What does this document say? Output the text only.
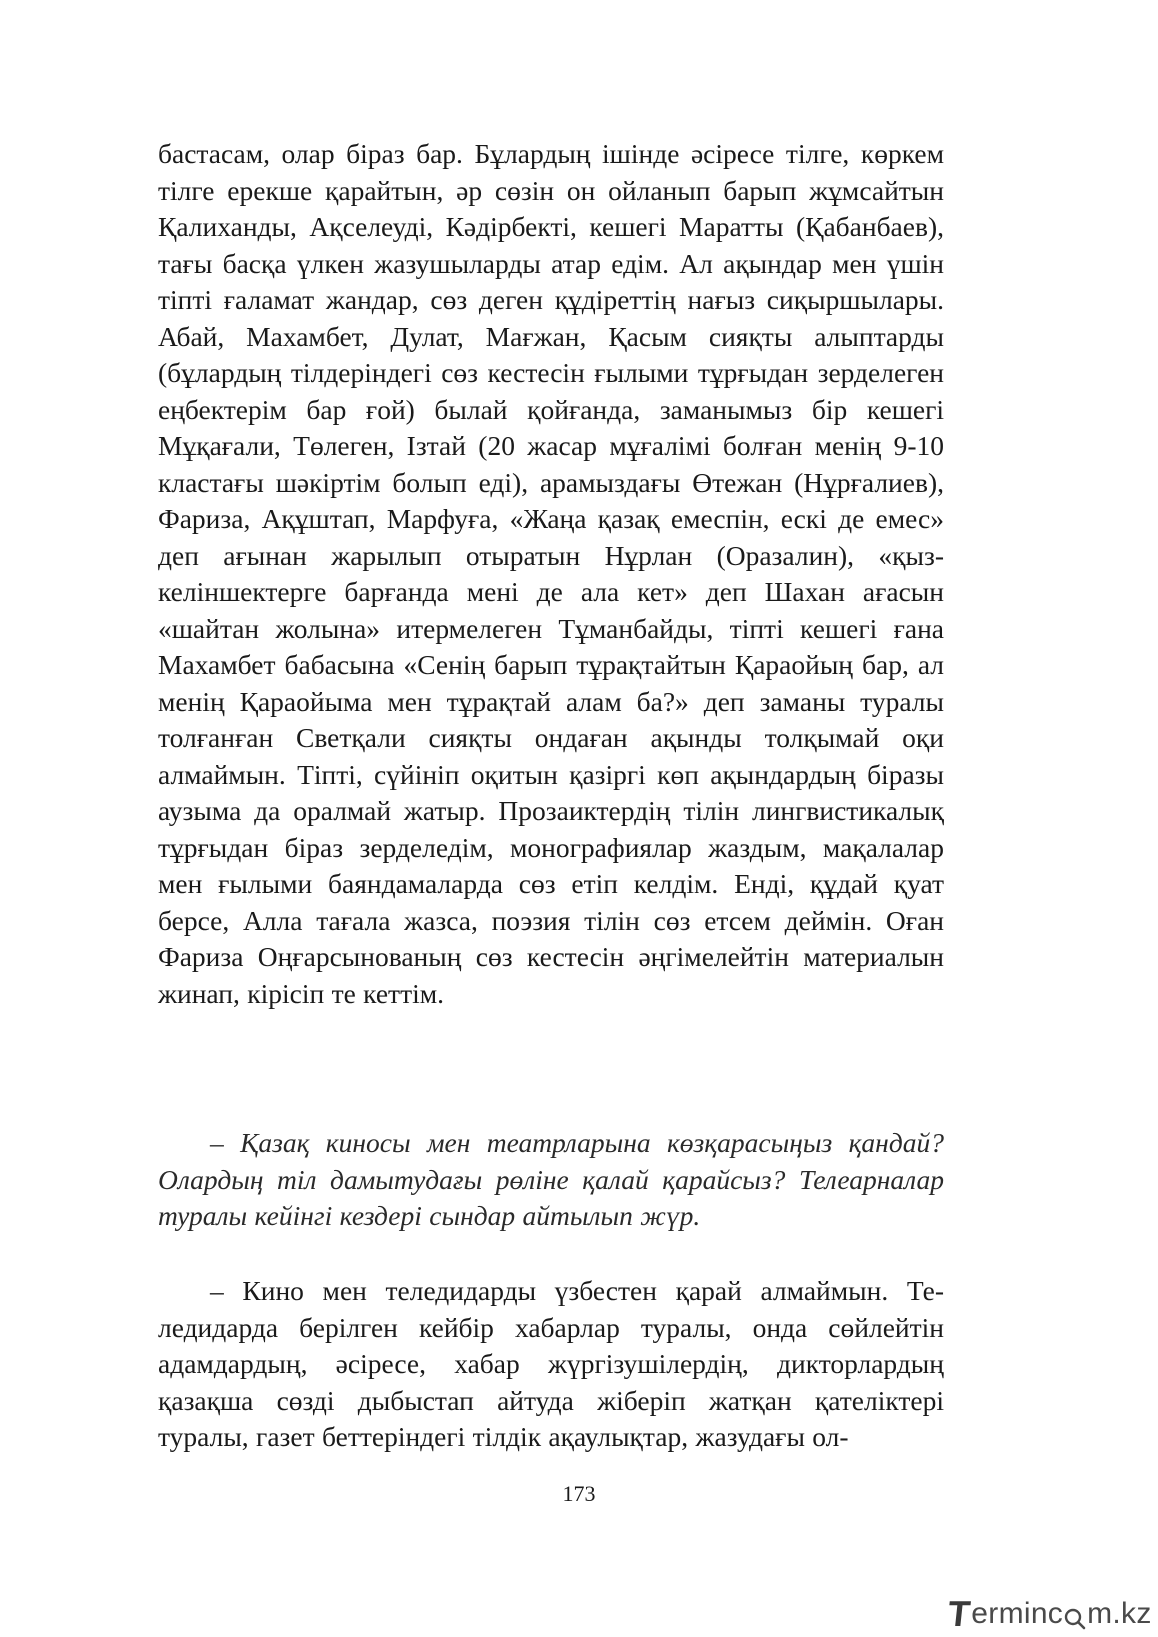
бастасам, олар біраз бар. Бұлардың ішінде әсіресе тілге, көркем тілге ерекше қарайтын, әр сөзін он ойланып барып жұмсайтын Қалиханды, Ақселеуді, Кәдірбекті, кешегі Маратты (Қабанбаев), тағы басқа үлкен жазушыларды атар едім. Ал ақындар мен үшін тіпті ғаламат жандар, сөз деген құдіреттің нағыз сиқыршылары. Абай, Махамбет, Дулат, Мағжан, Қасым сияқты алыптарды (бұлардың тілдеріндегі сөз кестесін ғылыми тұрғыдан зерделеген еңбектерім бар ғой) былай қойғанда, заманымыз бір кешегі Мұқағали, Төлеген, Ізтай (20 жасар мұғалімі болған менің 9-10 кластағы шәкіртім болып еді), арамыздағы Өтежан (Нұрғалиев), Фариза, Ақұштап, Марфуға, «Жаңа қазақ емеспін, ескі де емес» деп ағынан жарылып отыратын Нұрлан (Оразалин), «қыз-келіншектерге барғанда мені де ала кет» деп Шахан ағасын «шайтан жолына» итермелеген Тұманбайды, тіпті кешегі ғана Махамбет бабасына «Сенің барып тұрақтайтын Қараойың бар, ал менің Қараойыма мен тұрақтай алам ба?» деп заманы туралы толғанған Светқали сияқты ондаған ақынды толқымай оқи алмаймын. Тіпті, сүйініп оқитын қазіргі көп ақындардың біразы аузыма да оралмай жатыр. Прозаиктердің тілін лингвистикалық тұрғыдан біраз зерделедім, монографиялар жаздым, мақалалар мен ғылыми баяндамаларда сөз етіп келдім. Енді, құдай қуат берсе, Алла тағала жазса, поэзия тілін сөз етсем деймін. Оған Фариза Оңғарсынованың сөз кестесін әңгімелейтін материалын жинап, кірісіп те кеттім.

– Қазақ киносы мен театрларына көзқарасыңыз қандай? Олардың тіл дамытудағы рөліне қалай қарайсыз? Телеарналар туралы кейінгі кездері сындар айтылып жүр.

– Кино мен теледидарды үзбестен қарай алмаймын. Теледидарда берілген кейбір хабарлар туралы, онда сөйлейтін адамдардың, әсіресе, хабар жүргізушілердің, дикторлардың қазақша сөзді дыбыстап айтуда жіберіп жатқан қателіктері туралы, газет беттеріндегі тілдік ақаулықтар, жазудағы ол-

173
T
erminc m.kz
